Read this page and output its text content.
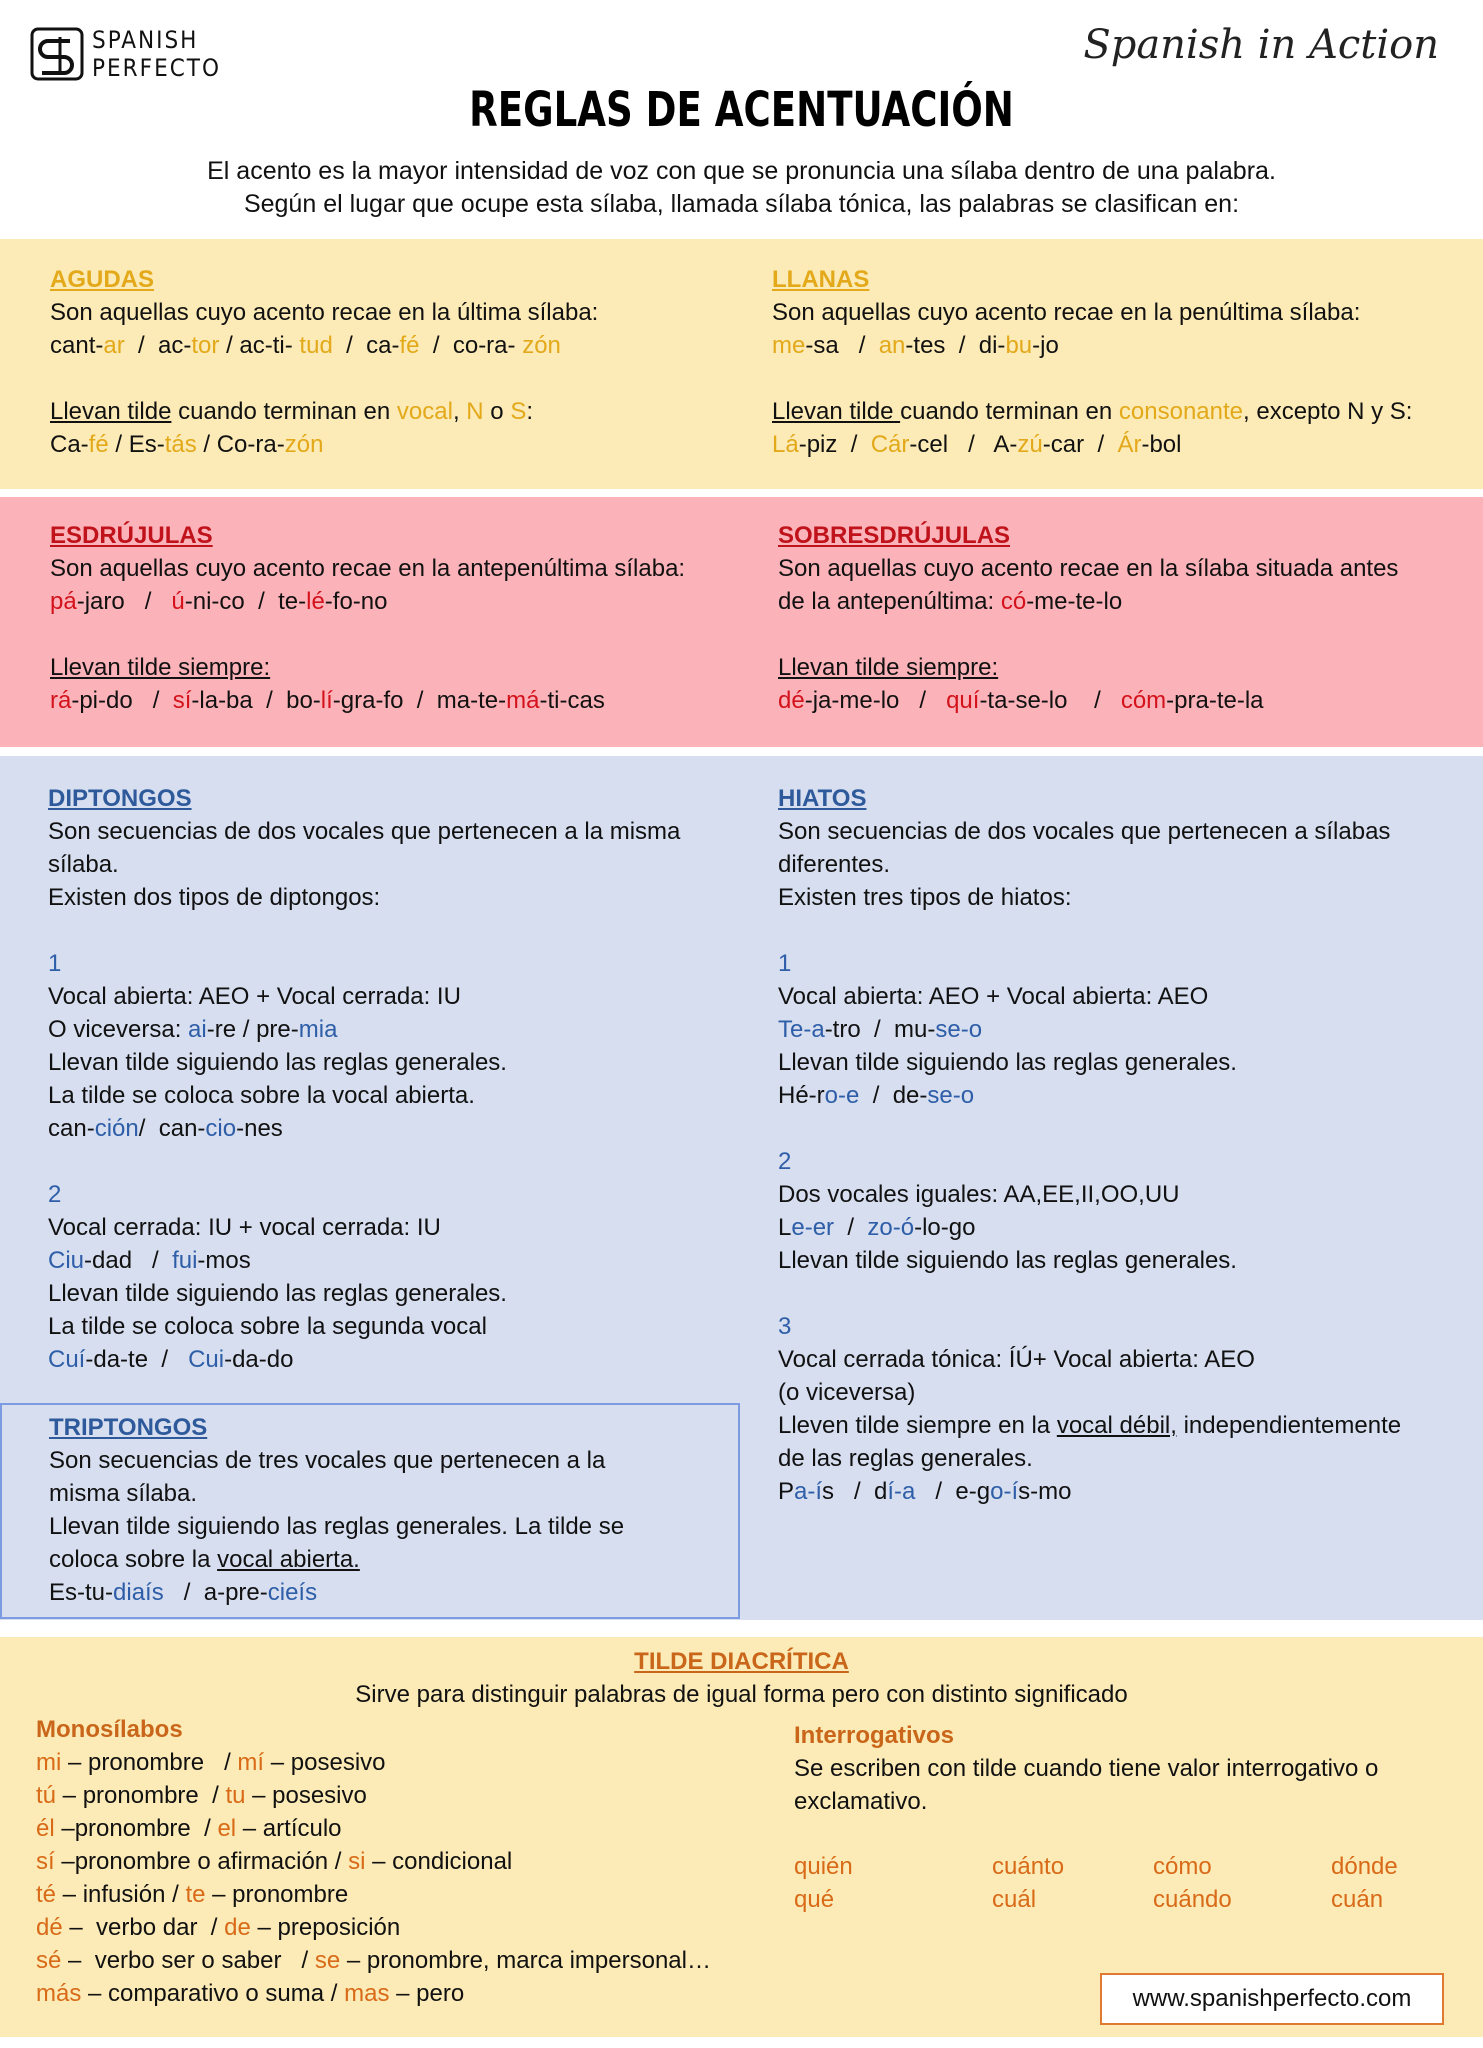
SPANISH
PERFECTO	Spanish in Action
REGLAS DE ACENTUACIÓN
El acento es la mayor intensidad de voz con que se pronuncia una sílaba dentro de una palabra.
Según el lugar que ocupe esta sílaba, llamada sílaba tónica, las palabras se clasifican en:
AGUDAS
Son aquellas cuyo acento recae en la última sílaba:
cant-ar  /  ac-tor / ac-ti- tud  /  ca-fé  /  co-ra- zón
Llevan tilde cuando terminan en vocal, N o S:
Ca-fé / Es-tás / Co-ra-zón
LLANAS
Son aquellas cuyo acento recae en la penúltima sílaba:
me-sa   /  an-tes  /  di-bu-jo
Llevan tilde cuando terminan en consonante, excepto N y S:
Lá-piz  /  Cár-cel   /   A-zú-car  /  Ár-bol
ESDRÚJULAS
Son aquellas cuyo acento recae en la antepenúltima sílaba:
pá-jaro   /   ú-ni-co  /  te-lé-fo-no
Llevan tilde siempre:
rá-pi-do   /  sí-la-ba  /  bo-lí-gra-fo  /  ma-te-má-ti-cas
SOBRESDRÚJULAS
Son aquellas cuyo acento recae en la sílaba situada antes
de la antepenúltima: có-me-te-lo
Llevan tilde siempre:
dé-ja-me-lo   /   quí-ta-se-lo    /   cóm-pra-te-la
DIPTONGOS
Son secuencias de dos vocales que pertenecen a la misma
sílaba.
Existen dos tipos de diptongos:
1
Vocal abierta: AEO + Vocal cerrada: IU
O viceversa: ai-re / pre-mia
Llevan tilde siguiendo las reglas generales.
La tilde se coloca sobre la vocal abierta.
can-ción/  can-cio-nes
2
Vocal cerrada: IU + vocal cerrada: IU
Ciu-dad   /  fui-mos
Llevan tilde siguiendo las reglas generales.
La tilde se coloca sobre la segunda vocal
Cuí-da-te  /   Cui-da-do
HIATOS
Son secuencias de dos vocales que pertenecen a sílabas
diferentes.
Existen tres tipos de hiatos:
1
Vocal abierta: AEO + Vocal abierta: AEO
Te-a-tro  /  mu-se-o
Llevan tilde siguiendo las reglas generales.
Hé-ro-e  /  de-se-o
2
Dos vocales iguales: AA,EE,II,OO,UU
Le-er  /  zo-ó-lo-go
Llevan tilde siguiendo las reglas generales.
3
Vocal cerrada tónica: ÍÚ+ Vocal abierta: AEO
(o viceversa)
Lleven tilde siempre en la vocal débil, independientemente
de las reglas generales.
Pa-ís   /  dí-a   /  e-go-ís-mo
TRIPTONGOS
Son secuencias de tres vocales que pertenecen a la
misma sílaba.
Llevan tilde siguiendo las reglas generales. La tilde se
coloca sobre la vocal abierta.
Es-tu-diaís   /  a-pre-cieís
TILDE DIACRÍTICA
Sirve para distinguir palabras de igual forma pero con distinto significado
Monosílabos
mi – pronombre   / mí – posesivo
tú – pronombre  / tu – posesivo
él –pronombre  / el – artículo
sí –pronombre o afirmación / si – condicional
té – infusión / te – pronombre
dé –  verbo dar  / de – preposición
sé –  verbo ser o saber   / se – pronombre, marca impersonal…
más – comparativo o suma / mas – pero
Interrogativos
Se escriben con tilde cuando tiene valor interrogativo o
exclamativo.
quién
qué
cuánto
cuál
cómo
cuándo
dónde
cuán
www.spanishperfecto.com
